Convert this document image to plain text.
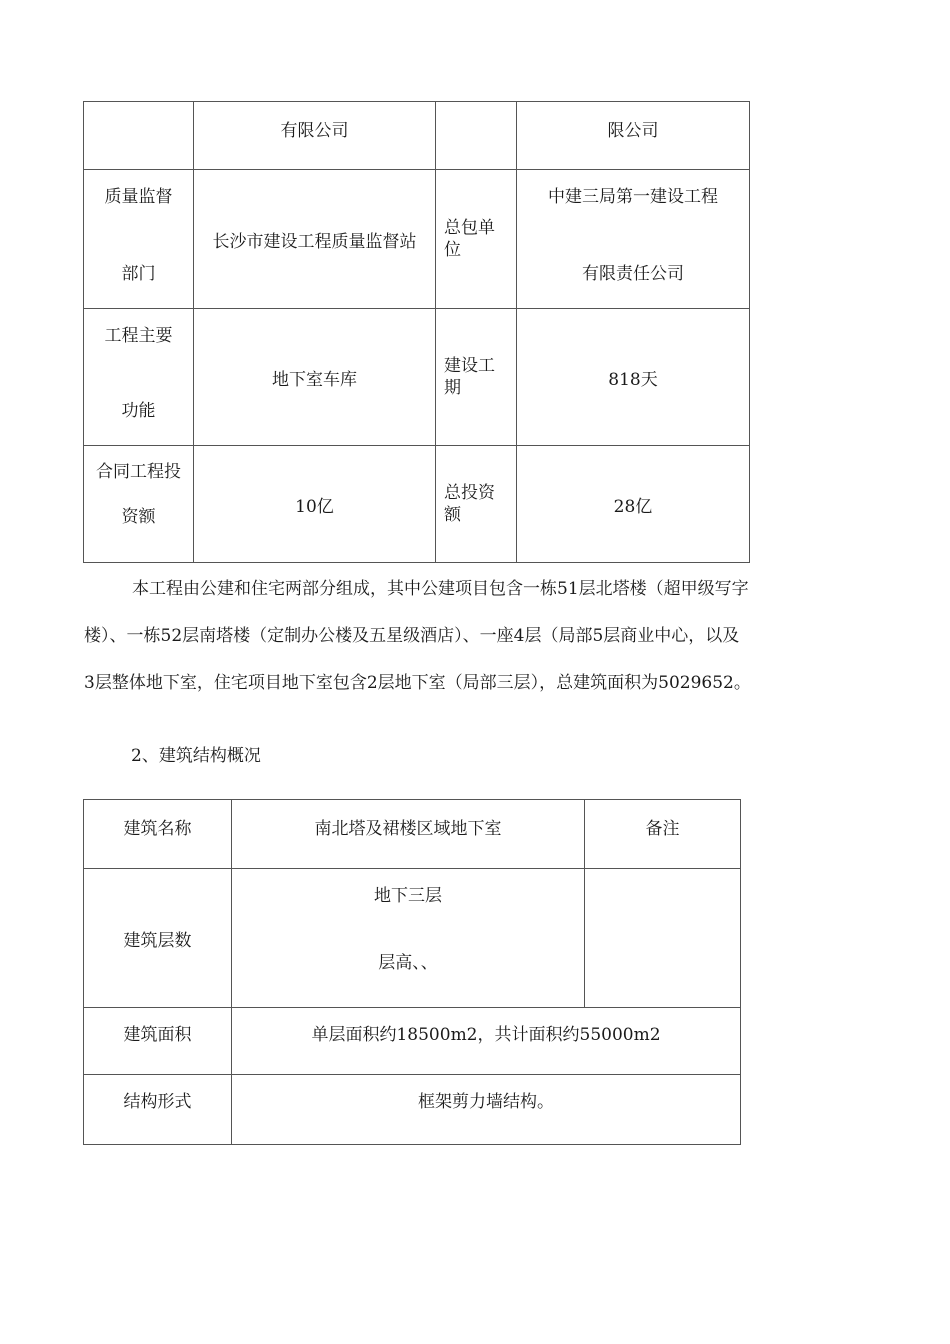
	有限公司		限公司

质量监督
部门	长沙市建设工程质量监督站	总包单位	中建三局第一建设工程
有限责任公司

工程主要
功能	地下室车库	建设工期	818天

合同工程投
资额	10亿	总投资额	28亿

本工程由公建和住宅两部分组成，其中公建项目包含一栋51层北塔楼（超甲级写字

楼）、一栋52层南塔楼（定制办公楼及五星级酒店）、一座4层（局部5层商业中心，以及

3层整体地下室，住宅项目地下室包含2层地下室（局部三层），总建筑面积为5029652。

2、建筑结构概况
建筑名称	南北塔及裙楼区域地下室	备注

建筑层数	地下三层
层高、、	

建筑面积	单层面积约18500m2，共计面积约55000m2	

结构形式	框架剪力墙结构。	
